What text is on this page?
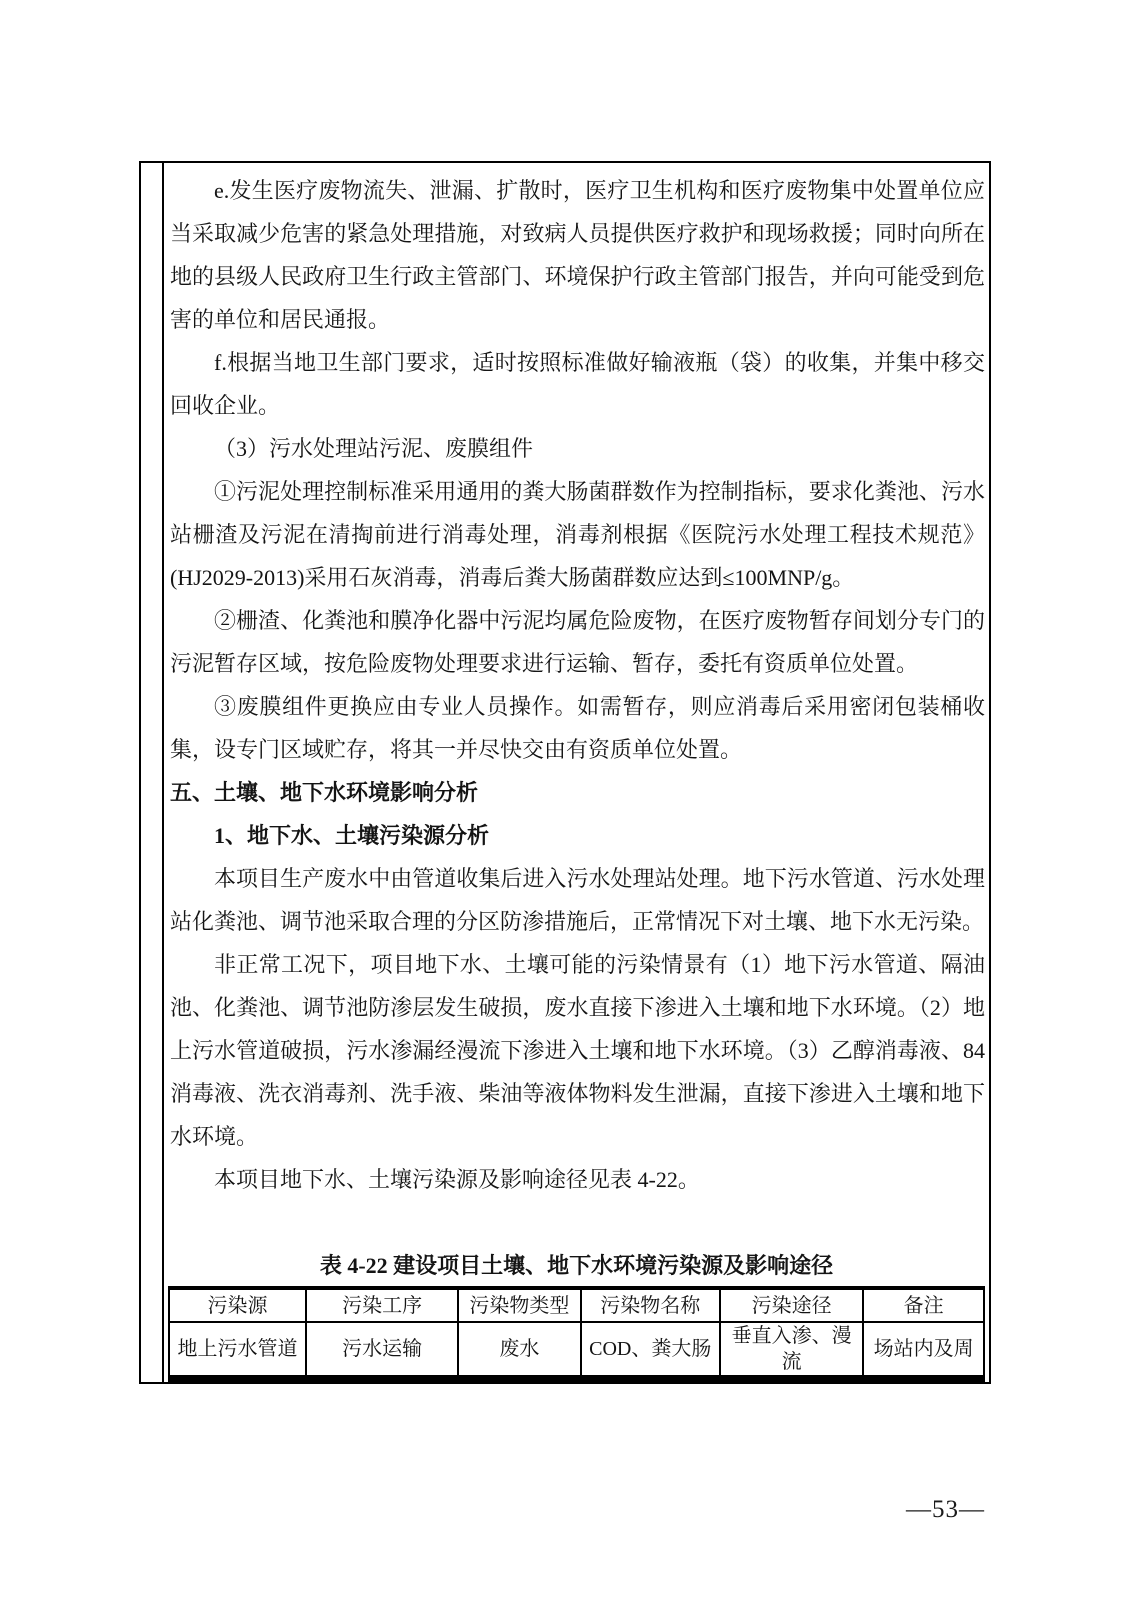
e.发生医疗废物流失、泄漏、扩散时，医疗卫生机构和医疗废物集中处置单位应当采取减少危害的紧急处理措施，对致病人员提供医疗救护和现场救援；同时向所在地的县级人民政府卫生行政主管部门、环境保护行政主管部门报告，并向可能受到危害的单位和居民通报。

f.根据当地卫生部门要求，适时按照标准做好输液瓶（袋）的收集，并集中移交回收企业。

（3）污水处理站污泥、废膜组件

①污泥处理控制标准采用通用的粪大肠菌群数作为控制指标，要求化粪池、污水站栅渣及污泥在清掏前进行消毒处理，消毒剂根据《医院污水处理工程技术规范》(HJ2029-2013)采用石灰消毒，消毒后粪大肠菌群数应达到≤100MNP/g。

②栅渣、化粪池和膜净化器中污泥均属危险废物，在医疗废物暂存间划分专门的污泥暂存区域，按危险废物处理要求进行运输、暂存，委托有资质单位处置。

③废膜组件更换应由专业人员操作。如需暂存，则应消毒后采用密闭包装桶收集，设专门区域贮存，将其一并尽快交由有资质单位处置。

五、土壤、地下水环境影响分析

1、地下水、土壤污染源分析

本项目生产废水中由管道收集后进入污水处理站处理。地下污水管道、污水处理站化粪池、调节池采取合理的分区防渗措施后，正常情况下对土壤、地下水无污染。

非正常工况下，项目地下水、土壤可能的污染情景有（1）地下污水管道、隔油池、化粪池、调节池防渗层发生破损，废水直接下渗进入土壤和地下水环境。（2）地上污水管道破损，污水渗漏经漫流下渗进入土壤和地下水环境。（3）乙醇消毒液、84 消毒液、洗衣消毒剂、洗手液、柴油等液体物料发生泄漏，直接下渗进入土壤和地下水环境。

本项目地下水、土壤污染源及影响途径见表 4-22。

表 4-22 建设项目土壤、地下水环境污染源及影响途径

污染源	污染工序	污染物类型	污染物名称	污染途径	备注
地上污水管道	污水运输	废水	COD、粪大肠	垂直入渗、漫流	场站内及周
—53—
